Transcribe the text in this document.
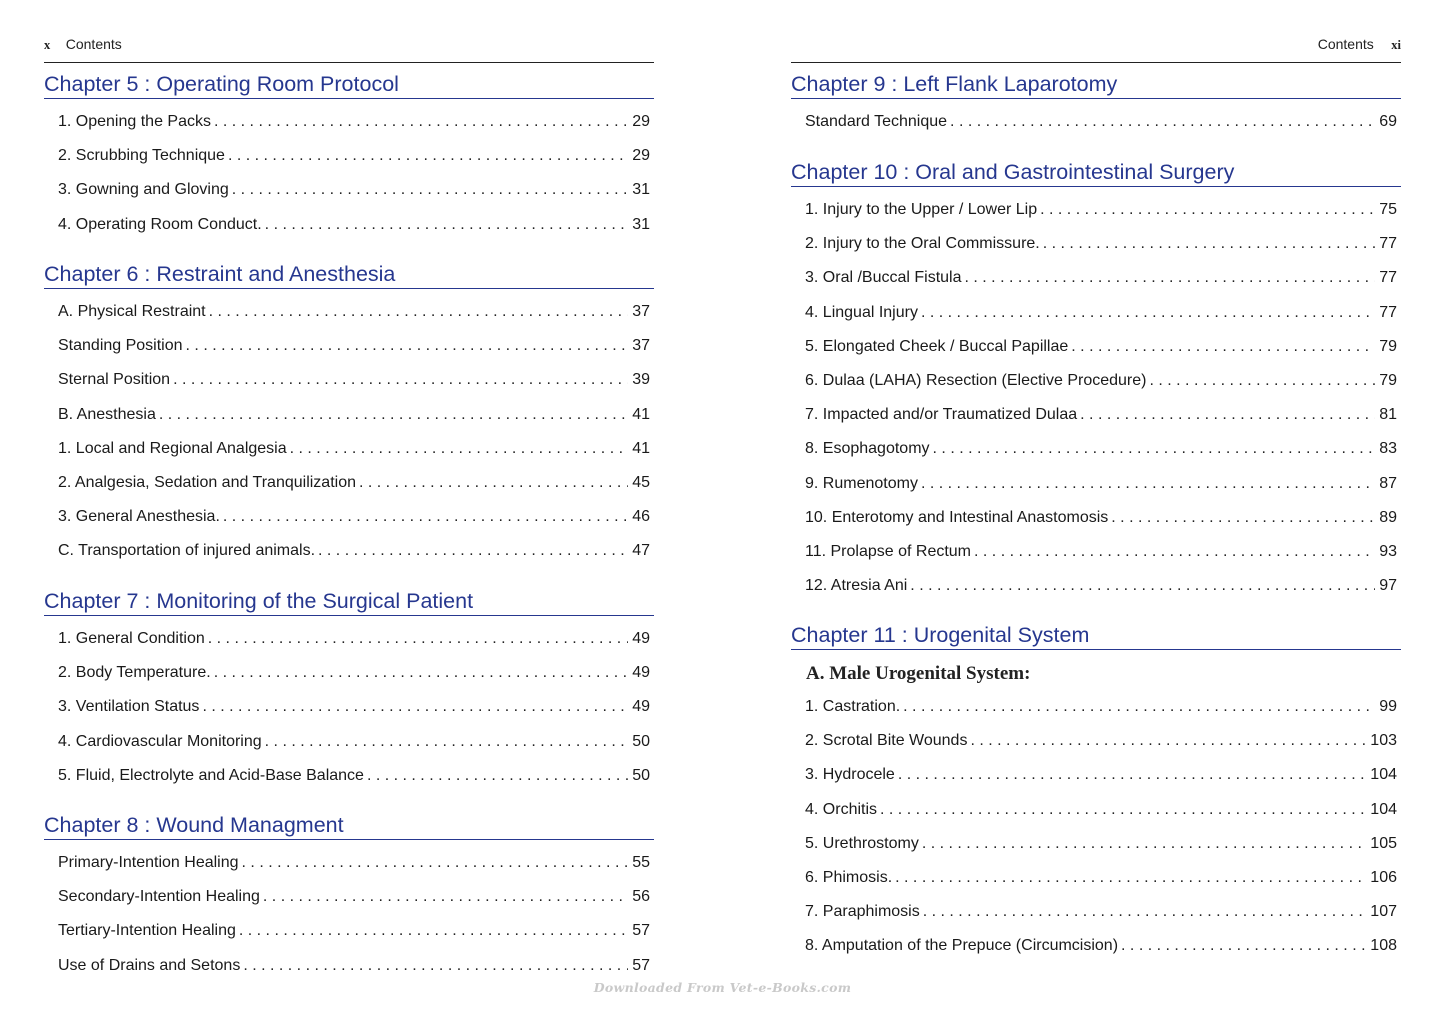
x Contents
Chapter 5 : Operating Room Protocol
1. Opening the Packs . . .	29
2. Scrubbing Technique . . .	29
3. Gowning and Gloving . . .	31
4. Operating Room Conduct. . . .	31
Chapter 6 : Restraint and Anesthesia
A. Physical Restraint . . .	37
Standing Position . . .	37
Sternal Position . . .	39
B. Anesthesia . . .	41
1. Local and Regional Analgesia . . .	41
2. Analgesia, Sedation and Tranquilization . . .	45
3. General Anesthesia. . . .	46
C. Transportation of injured animals. . . .	47
Chapter 7 : Monitoring of the Surgical Patient
1. General Condition . . .	49
2. Body Temperature. . . .	49
3. Ventilation Status . . .	49
4. Cardiovascular Monitoring . . .	50
5. Fluid, Electrolyte and Acid-Base Balance . . .	50
Chapter 8 : Wound Managment
Primary-Intention Healing . . .	55
Secondary-Intention Healing . . .	56
Tertiary-Intention Healing . . .	57
Use of Drains and Setons . . .	57
Contents xi
Chapter 9 : Left Flank Laparotomy
Standard Technique . . .	69
Chapter 10 : Oral and Gastrointestinal Surgery
1. Injury to the Upper / Lower Lip . . .	75
2. Injury to the Oral Commissure. . . .	77
3. Oral /Buccal Fistula . . .	77
4. Lingual Injury . . .	77
5. Elongated Cheek / Buccal Papillae . . .	79
6. Dulaa (LAHA) Resection (Elective Procedure) . . .	79
7. Impacted and/or Traumatized Dulaa . . .	81
8. Esophagotomy . . .	83
9. Rumenotomy . . .	87
10. Enterotomy and Intestinal Anastomosis . . .	89
11. Prolapse of Rectum . . .	93
12. Atresia Ani . . .	97
Chapter 11 : Urogenital System
A. Male Urogenital System:
1. Castration. . . .	99
2. Scrotal Bite Wounds . . .	103
3. Hydrocele . . .	104
4. Orchitis . . .	104
5. Urethrostomy . . .	105
6. Phimosis. . . .	106
7. Paraphimosis . . .	107
8. Amputation of the Prepuce (Circumcision) . . .	108
Downloaded From Vet-e-Books.com
